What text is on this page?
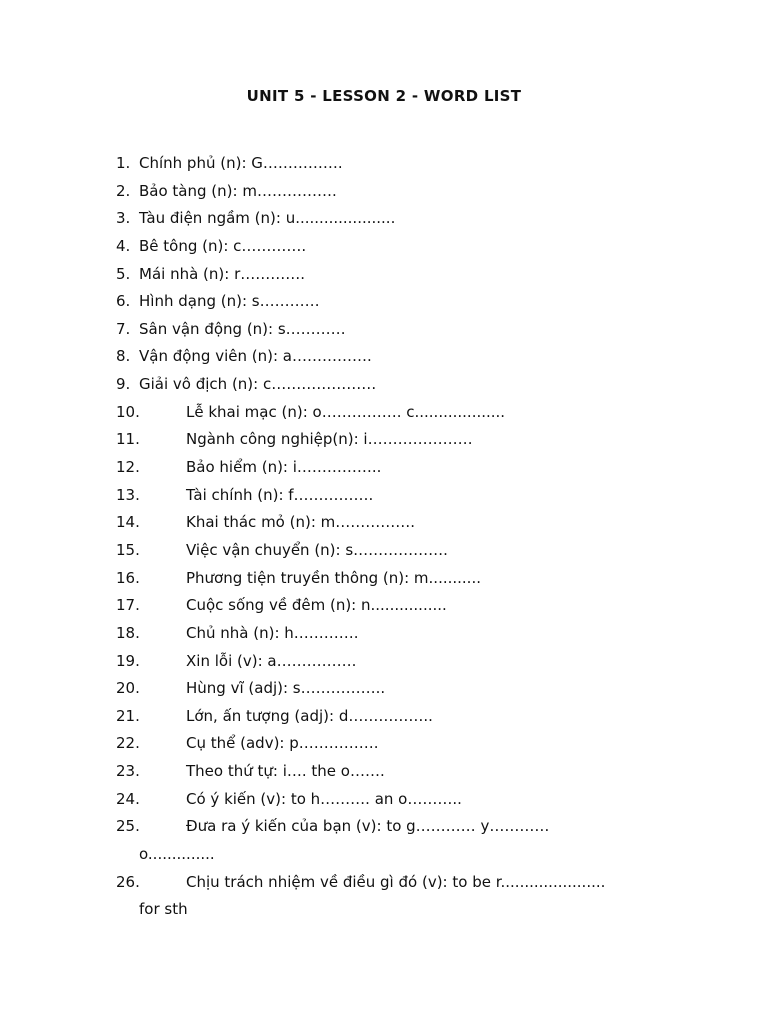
UNIT 5 - LESSON 2 - WORD LIST
1. Chính phủ (n): G…………….
2. Bảo tàng (n): m…………….
3. Tàu điện ngầm (n): u.....................
4. Bê tông (n): c………….
5. Mái nhà (n): r………….
6. Hình dạng (n): s…………
7. Sân vận động (n): s…………
8. Vận động viên (n): a…………….
9. Giải vô địch (n): c…………………
10.	Lễ khai mạc (n): o……………. c...................
11.	Ngành công nghiệp(n): i…………………
12.	Bảo hiểm (n): i……………..
13.	Tài chính (n): f…………….
14.	Khai thác mỏ (n): m…………….
15.	Việc vận chuyển (n): s……………….
16.	Phương tiện truyền thông (n): m...........
17.	Cuộc sống về đêm (n): n................
18.	Chủ nhà (n): h………….
19.	Xin lỗi (v): a…………….
20.	Hùng vĩ (adj): s……………..
21.	Lớn, ấn tượng (adj): d……………..
22.	Cụ thể (adv): p…………….
23.	Theo thứ tự: i…. the o…….
24.	Có ý kiến (v): to h………. an o………..
25.	Đưa ra ý kiến của bạn (v): to g………… y…………
o..............
26.	Chịu trách nhiệm về điều gì đó (v): to be r......................
for sth
